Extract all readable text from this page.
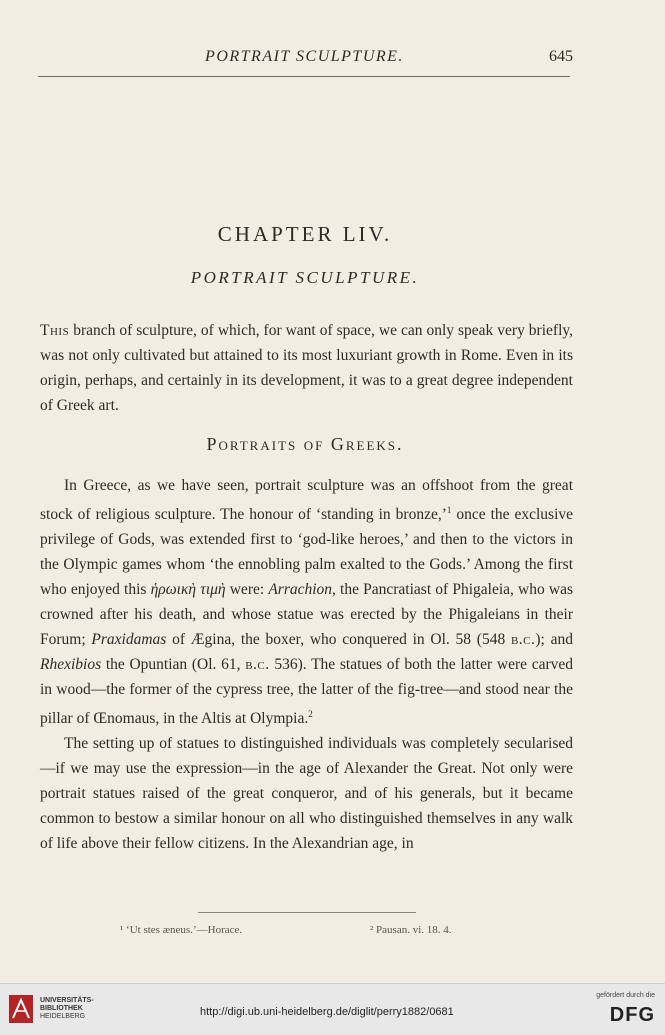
PORTRAIT SCULPTURE.	645
CHAPTER LIV.
PORTRAIT SCULPTURE.

This branch of sculpture, of which, for want of space, we can only speak very briefly, was not only cultivated but attained to its most luxuriant growth in Rome. Even in its origin, perhaps, and certainly in its development, it was to a great degree independent of Greek art.

Portraits of Greeks.

In Greece, as we have seen, portrait sculpture was an offshoot from the great stock of religious sculpture. The honour of ‘standing in bronze,’$^1$ once the exclusive privilege of Gods, was extended first to ‘god-like heroes,’ and then to the victors in the Olympic games whom ‘the ennobling palm exalted to the Gods.’ Among the first who enjoyed this ἡρωικὴ τιμὴ were: Arrachion, the Pancratiast of Phigaleia, who was crowned after his death, and whose statue was erected by the Phigaleians in their Forum; Praxidamas of Ægina, the boxer, who conquered in Ol. 58 (548 b.c.); and Rhexibios the Opuntian (Ol. 61, b.c. 536). The statues of both the latter were carved in wood—the former of the cypress tree, the latter of the fig-tree—and stood near the pillar of Œnomaus, in the Altis at Olympia.$^2$

The setting up of statues to distinguished individuals was completely secularised—if we may use the expression—in the age of Alexander the Great. Not only were portrait statues raised of the great conqueror, and of his generals, but it became common to bestow a similar honour on all who distinguished themselves in any walk of life above their fellow citizens. In the Alexandrian age, in

¹ ‘Ut stes æneus.’—Horace.	² Pausan. vi. 18. 4.
UNIVERSITÄTS-
BIBLIOTHEK
HEIDELBERG	http://digi.ub.uni-heidelberg.de/diglit/perry1882/0681
gefördert durch die
DFG
